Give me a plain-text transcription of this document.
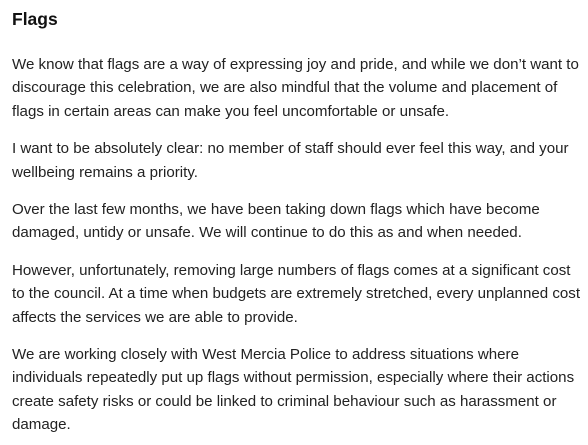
Flags

We know that flags are a way of expressing joy and pride, and while we don’t want to discourage this celebration, we are also mindful that the volume and placement of flags in certain areas can make you feel uncomfortable or unsafe.

I want to be absolutely clear: no member of staff should ever feel this way, and your wellbeing remains a priority.

Over the last few months, we have been taking down flags which have become damaged, untidy or unsafe. We will continue to do this as and when needed.

However, unfortunately, removing large numbers of flags comes at a significant cost to the council. At a time when budgets are extremely stretched, every unplanned cost affects the services we are able to provide.

We are working closely with West Mercia Police to address situations where individuals repeatedly put up flags without permission, especially where their actions create safety risks or could be linked to criminal behaviour such as harassment or damage.
